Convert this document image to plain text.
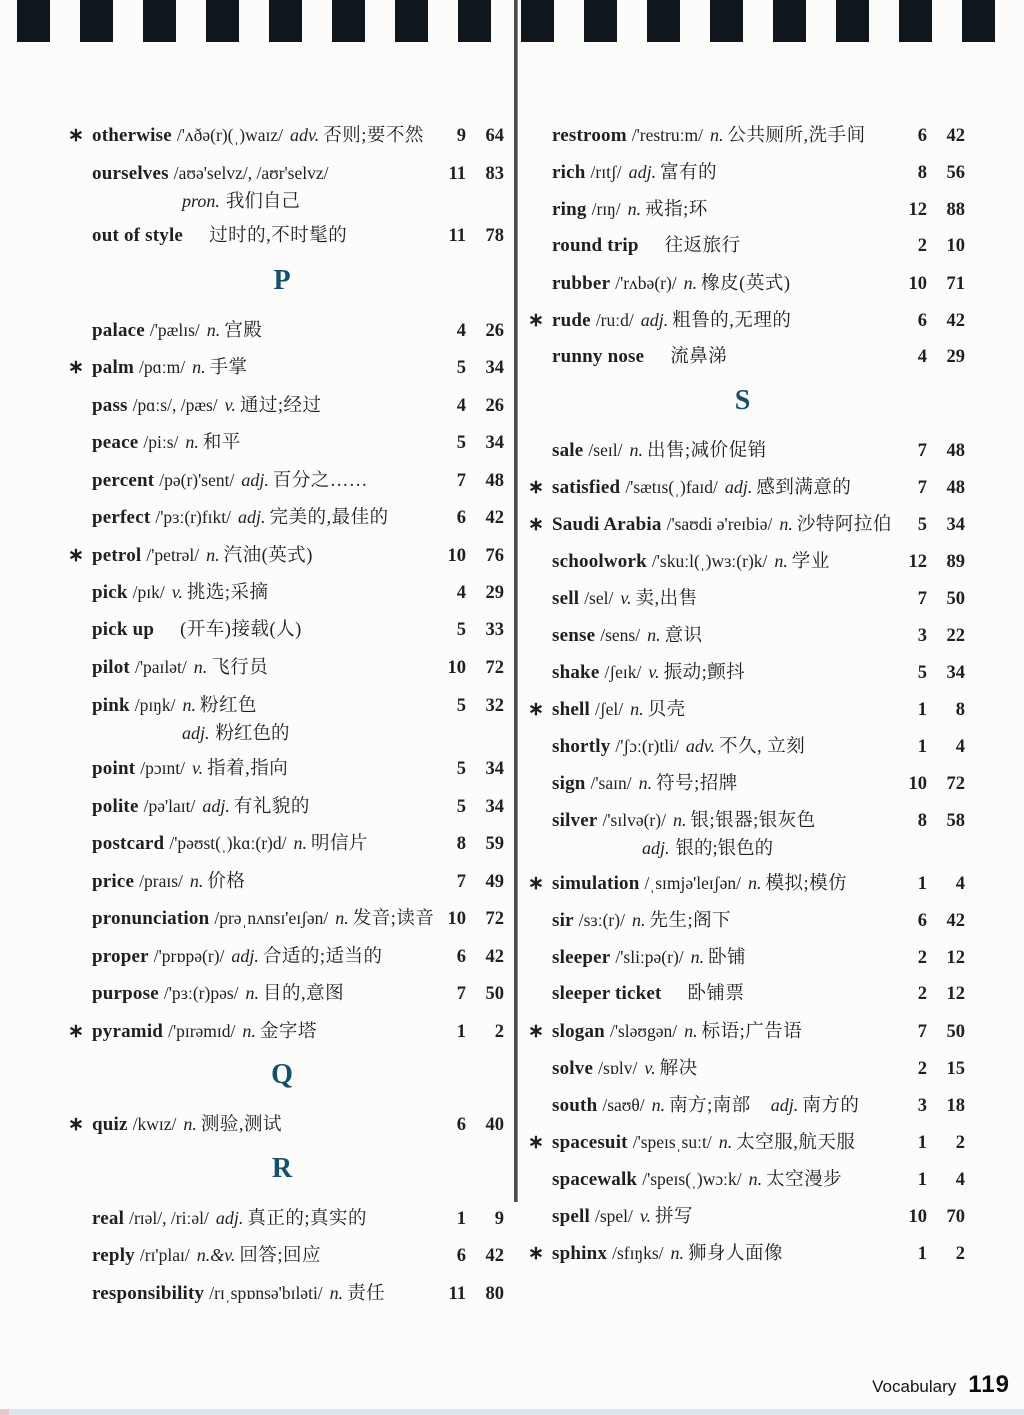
∗ otherwise /'ʌðə(r)(ˌ)waɪz/ adv. 否则;要不然	9	64
ourselves /aʊə'selvz/, /aʊr'selvz/	11	83
pron. 我们自己
out of style 过时的,不时髦的	11	78
P
palace /'pælɪs/ n. 宫殿	4	26
∗ palm /pɑːm/ n. 手掌	5	34
pass /pɑːs/, /pæs/ v. 通过;经过	4	26
peace /piːs/ n. 和平	5	34
percent /pə(r)'sent/ adj. 百分之……	7	48
perfect /'pɜː(r)fɪkt/ adj. 完美的,最佳的	6	42
∗ petrol /'petrəl/ n. 汽油(英式)	10	76
pick /pɪk/ v. 挑选;采摘	4	29
pick up (开车)接载(人)	5	33
pilot /'paɪlət/ n. 飞行员	10	72
pink /pɪŋk/ n. 粉红色	5	32
adj. 粉红色的
point /pɔɪnt/ v. 指着,指向	5	34
polite /pə'laɪt/ adj. 有礼貌的	5	34
postcard /'pəʊst(ˌ)kɑː(r)d/ n. 明信片	8	59
price /praɪs/ n. 价格	7	49
pronunciation /prəˌnʌnsɪ'eɪʃən/ n. 发音;读音 10	72
proper /'prɒpə(r)/ adj. 合适的;适当的	6	42
purpose /'pɜː(r)pəs/ n. 目的,意图	7	50
∗ pyramid /'pɪrəmɪd/ n. 金字塔	1	2
Q
∗ quiz /kwɪz/ n. 测验,测试	6	40
R
real /rɪəl/, /riːəl/ adj. 真正的;真实的	1	9
reply /rɪ'plaɪ/ n.&v. 回答;回应	6	42
responsibility /rɪˌspɒnsə'bɪləti/ n. 责任	11	80
restroom /'restruːm/ n. 公共厕所,洗手间	6	42
rich /rɪtʃ/ adj. 富有的	8	56
ring /rɪŋ/ n. 戒指;环	12	88
round trip 往返旅行	2	10
rubber /'rʌbə(r)/ n. 橡皮(英式)	10	71
∗ rude /ruːd/ adj. 粗鲁的,无理的	6	42
runny nose 流鼻涕	4	29
S
sale /seɪl/ n. 出售;减价促销	7	48
∗ satisfied /'sætɪs(ˌ)faɪd/ adj. 感到满意的	7	48
∗ Saudi Arabia /'saʊdi ə'reɪbiə/ n. 沙特阿拉伯	5	34
schoolwork /'skuːl(ˌ)wɜː(r)k/ n. 学业	12	89
sell /sel/ v. 卖,出售	7	50
sense /sens/ n. 意识	3	22
shake /ʃeɪk/ v. 振动;颤抖	5	34
∗ shell /ʃel/ n. 贝壳	1	8
shortly /'ʃɔː(r)tli/ adv. 不久, 立刻	1	4
sign /'saɪn/ n. 符号;招牌	10	72
silver /'sɪlvə(r)/ n. 银;银器;银灰色	8	58
adj. 银的;银色的
∗ simulation /ˌsɪmjə'leɪʃən/ n. 模拟;模仿	1	4
sir /sɜː(r)/ n. 先生;阁下	6	42
sleeper /'sliːpə(r)/ n. 卧铺	2	12
sleeper ticket 卧铺票	2	12
∗ slogan /'sləʊgən/ n. 标语;广告语	7	50
solve /sɒlv/ v. 解决	2	15
south /saʊθ/ n. 南方;南部 adj. 南方的	3	18
∗ spacesuit /'speɪsˌsuːt/ n. 太空服,航天服	1	2
spacewalk /'speɪs(ˌ)wɔːk/ n. 太空漫步	1	4
spell /spel/ v. 拼写	10	70
∗ sphinx /sfɪŋks/ n. 狮身人面像	1	2
Vocabulary 119
